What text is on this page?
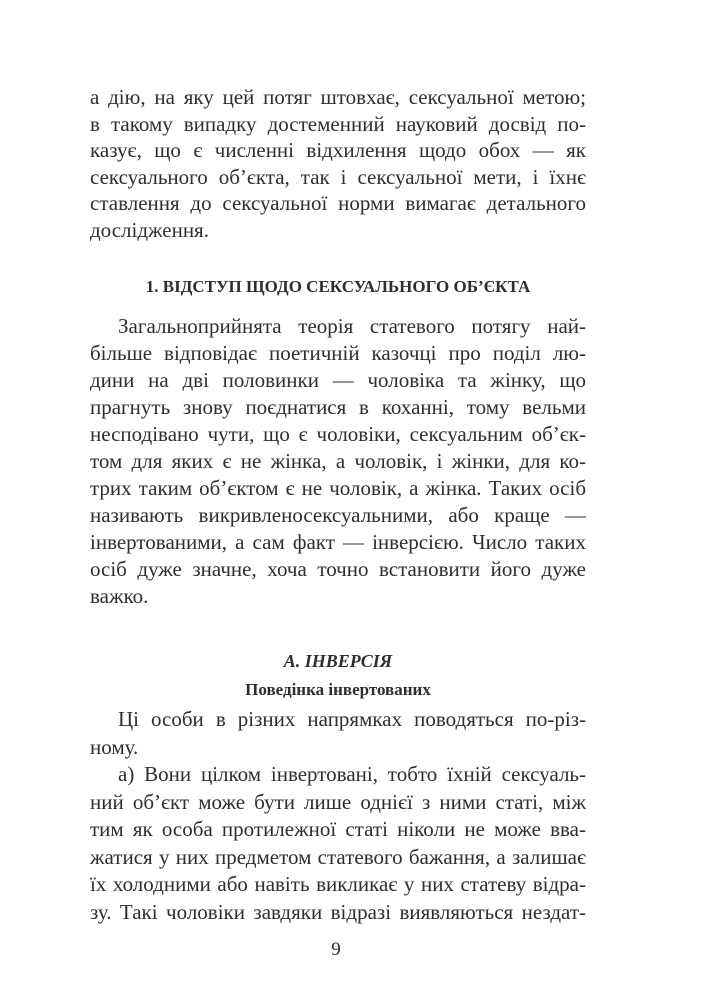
а дію, на яку цей потяг штовхає, сексуальної метою;
в такому випадку достеменний науковий досвід по-
казує, що є численні відхилення щодо обох — як
сексуального об’єкта, так і сексуальної мети, і їхнє
ставлення до сексуальної норми вимагає детального
дослідження.
1. ВІДСТУП ЩОДО СЕКСУАЛЬНОГО ОБ’ЄКТА
Загальноприйнята теорія статевого потягу най-
більше відповідає поетичній казочці про поділ лю-
дини на дві половинки — чоловіка та жінку, що
прагнуть знову поєднатися в коханні, тому вельми
несподівано чути, що є чоловіки, сексуальним об’єк-
том для яких є не жінка, а чоловік, і жінки, для ко-
трих таким об’єктом є не чоловік, а жінка. Таких осіб
називають викривленосексуальними, або краще —
інвертованими, а сам факт — інверсією. Число таких
осіб дуже значне, хоча точно встановити його дуже
важко.
А. ІНВЕРСІЯ
Поведінка інвертованих
Ці особи в різних напрямках поводяться по-різ-
ному.
а) Вони цілком інвертовані, тобто їхній сексуаль-
ний об’єкт може бути лише однієї з ними статі, між
тим як особа протилежної статі ніколи не може вва-
жатися у них предметом статевого бажання, а залишає
їх холодними або навіть викликає у них статеву відра-
зу. Такі чоловіки завдяки відразі виявляються нездат-
9
